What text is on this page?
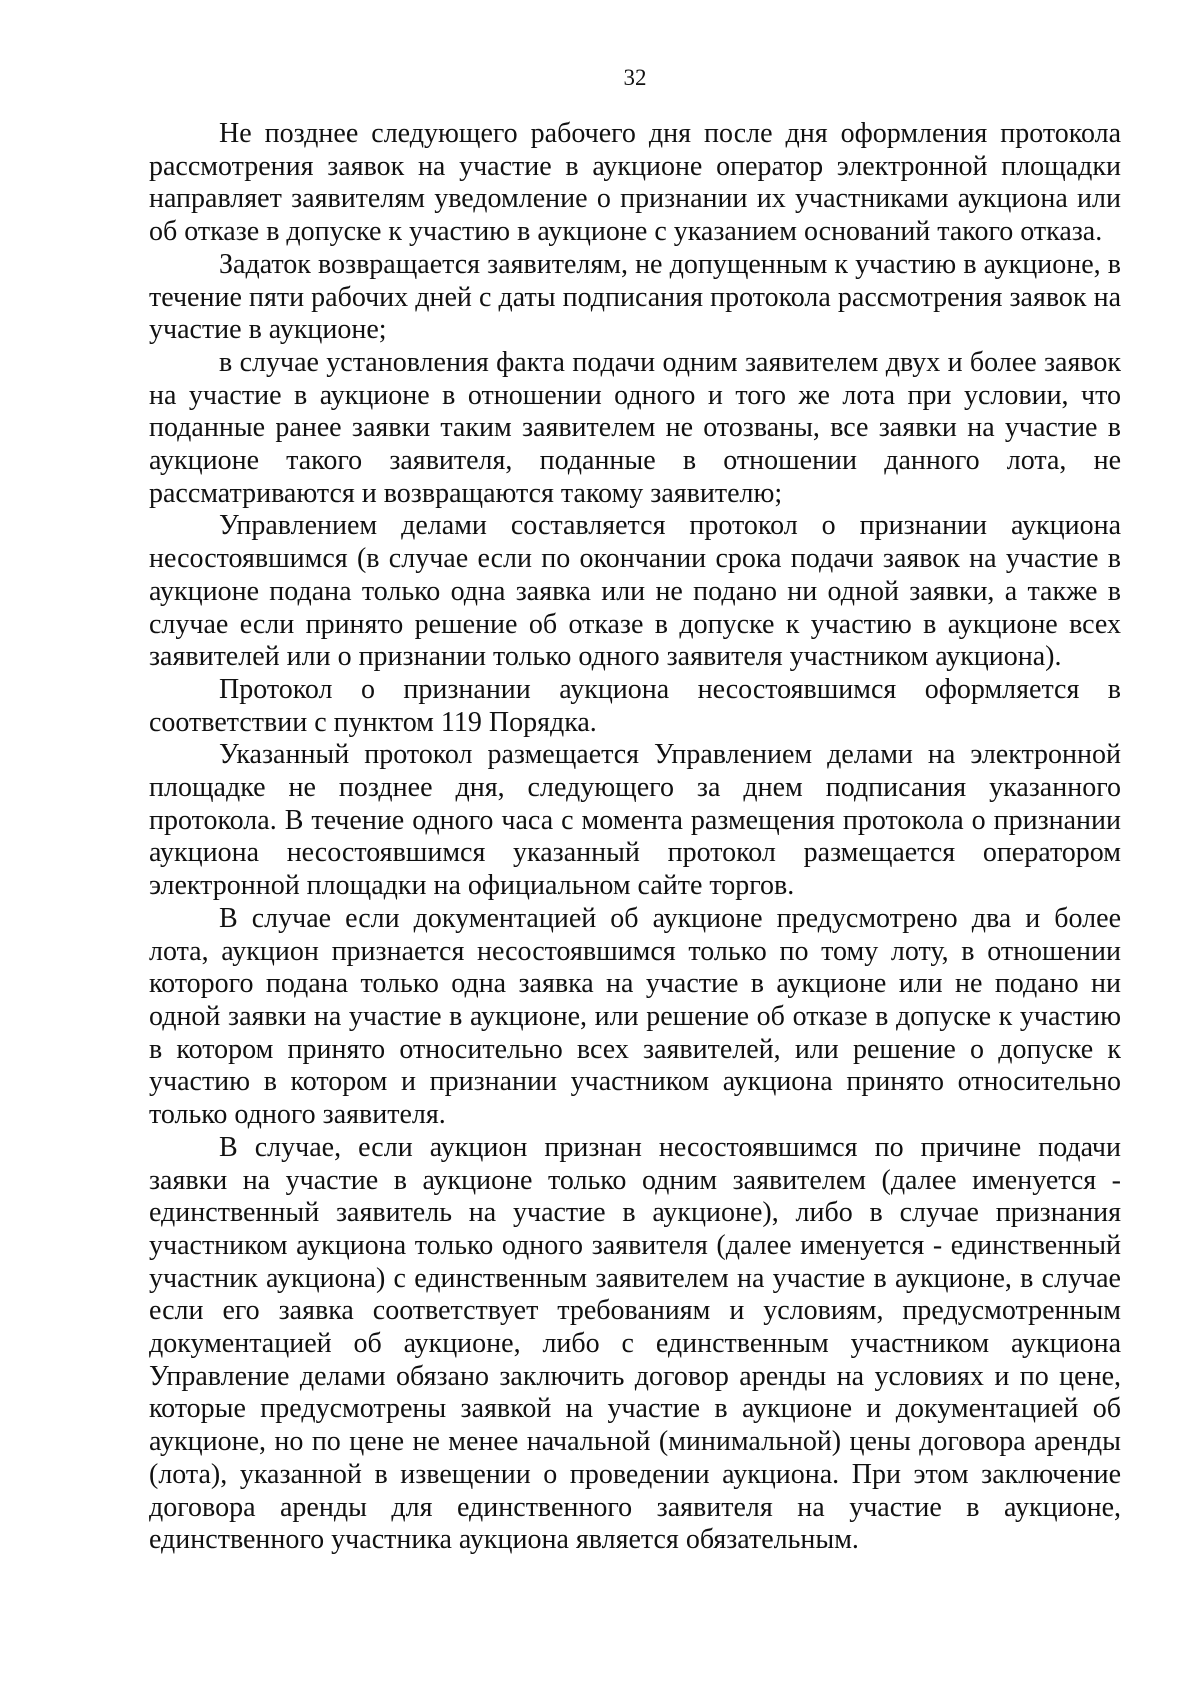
32

Не позднее следующего рабочего дня после дня оформления протокола рассмотрения заявок на участие в аукционе оператор электронной площадки направляет заявителям уведомление о признании их участниками аукциона или об отказе в допуске к участию в аукционе с указанием оснований такого отказа.

Задаток возвращается заявителям, не допущенным к участию в аукционе, в течение пяти рабочих дней с даты подписания протокола рассмотрения заявок на участие в аукционе;

в случае установления факта подачи одним заявителем двух и более заявок на участие в аукционе в отношении одного и того же лота при условии, что поданные ранее заявки таким заявителем не отозваны, все заявки на участие в аукционе такого заявителя, поданные в отношении данного лота, не рассматриваются и возвращаются такому заявителю;

Управлением делами составляется протокол о признании аукциона несостоявшимся (в случае если по окончании срока подачи заявок на участие в аукционе подана только одна заявка или не подано ни одной заявки, а также в случае если принято решение об отказе в допуске к участию в аукционе всех заявителей или о признании только одного заявителя участником аукциона).

Протокол о признании аукциона несостоявшимся оформляется в соответствии с пунктом 119 Порядка.

Указанный протокол размещается Управлением делами на электронной площадке не позднее дня, следующего за днем подписания указанного протокола. В течение одного часа с момента размещения протокола о признании аукциона несостоявшимся указанный протокол размещается оператором электронной площадки на официальном сайте торгов.

В случае если документацией об аукционе предусмотрено два и более лота, аукцион признается несостоявшимся только по тому лоту, в отношении которого подана только одна заявка на участие в аукционе или не подано ни одной заявки на участие в аукционе, или решение об отказе в допуске к участию в котором принято относительно всех заявителей, или решение о допуске к участию в котором и признании участником аукциона принято относительно только одного заявителя.

В случае, если аукцион признан несостоявшимся по причине подачи заявки на участие в аукционе только одним заявителем (далее именуется - единственный заявитель на участие в аукционе), либо в случае признания участником аукциона только одного заявителя (далее именуется - единственный участник аукциона) с единственным заявителем на участие в аукционе, в случае если его заявка соответствует требованиям и условиям, предусмотренным документацией об аукционе, либо с единственным участником аукциона Управление делами обязано заключить договор аренды на условиях и по цене, которые предусмотрены заявкой на участие в аукционе и документацией об аукционе, но по цене не менее начальной (минимальной) цены договора аренды (лота), указанной в извещении о проведении аукциона. При этом заключение договора аренды для единственного заявителя на участие в аукционе, единственного участника аукциона является обязательным.
